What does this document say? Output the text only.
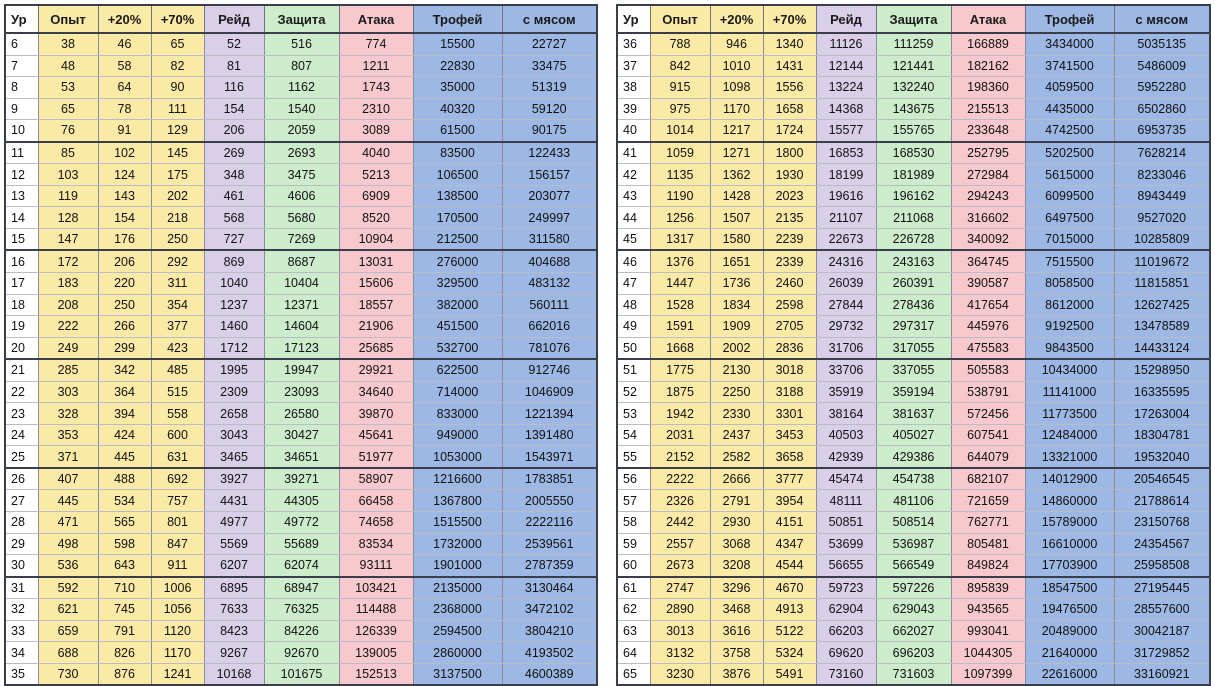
Ур	Опыт	+20%	+70%	Рейд	Защита	Атака	Трофей	с мясом
6	38	46	65	52	516	774	15500	22727
7	48	58	82	81	807	1211	22830	33475
8	53	64	90	116	1162	1743	35000	51319
9	65	78	111	154	1540	2310	40320	59120
10	76	91	129	206	2059	3089	61500	90175
11	85	102	145	269	2693	4040	83500	122433
12	103	124	175	348	3475	5213	106500	156157
13	119	143	202	461	4606	6909	138500	203077
14	128	154	218	568	5680	8520	170500	249997
15	147	176	250	727	7269	10904	212500	311580
16	172	206	292	869	8687	13031	276000	404688
17	183	220	311	1040	10404	15606	329500	483132
18	208	250	354	1237	12371	18557	382000	560111
19	222	266	377	1460	14604	21906	451500	662016
20	249	299	423	1712	17123	25685	532700	781076
21	285	342	485	1995	19947	29921	622500	912746
22	303	364	515	2309	23093	34640	714000	1046909
23	328	394	558	2658	26580	39870	833000	1221394
24	353	424	600	3043	30427	45641	949000	1391480
25	371	445	631	3465	34651	51977	1053000	1543971
26	407	488	692	3927	39271	58907	1216600	1783851
27	445	534	757	4431	44305	66458	1367800	2005550
28	471	565	801	4977	49772	74658	1515500	2222116
29	498	598	847	5569	55689	83534	1732000	2539561
30	536	643	911	6207	62074	93111	1901000	2787359
31	592	710	1006	6895	68947	103421	2135000	3130464
32	621	745	1056	7633	76325	114488	2368000	3472102
33	659	791	1120	8423	84226	126339	2594500	3804210
34	688	826	1170	9267	92670	139005	2860000	4193502
35	730	876	1241	10168	101675	152513	3137500	4600389
Ур	Опыт	+20%	+70%	Рейд	Защита	Атака	Трофей	с мясом
36	788	946	1340	11126	111259	166889	3434000	5035135
37	842	1010	1431	12144	121441	182162	3741500	5486009
38	915	1098	1556	13224	132240	198360	4059500	5952280
39	975	1170	1658	14368	143675	215513	4435000	6502860
40	1014	1217	1724	15577	155765	233648	4742500	6953735
41	1059	1271	1800	16853	168530	252795	5202500	7628214
42	1135	1362	1930	18199	181989	272984	5615000	8233046
43	1190	1428	2023	19616	196162	294243	6099500	8943449
44	1256	1507	2135	21107	211068	316602	6497500	9527020
45	1317	1580	2239	22673	226728	340092	7015000	10285809
46	1376	1651	2339	24316	243163	364745	7515500	11019672
47	1447	1736	2460	26039	260391	390587	8058500	11815851
48	1528	1834	2598	27844	278436	417654	8612000	12627425
49	1591	1909	2705	29732	297317	445976	9192500	13478589
50	1668	2002	2836	31706	317055	475583	9843500	14433124
51	1775	2130	3018	33706	337055	505583	10434000	15298950
52	1875	2250	3188	35919	359194	538791	11141000	16335595
53	1942	2330	3301	38164	381637	572456	11773500	17263004
54	2031	2437	3453	40503	405027	607541	12484000	18304781
55	2152	2582	3658	42939	429386	644079	13321000	19532040
56	2222	2666	3777	45474	454738	682107	14012900	20546545
57	2326	2791	3954	48111	481106	721659	14860000	21788614
58	2442	2930	4151	50851	508514	762771	15789000	23150768
59	2557	3068	4347	53699	536987	805481	16610000	24354567
60	2673	3208	4544	56655	566549	849824	17703900	25958508
61	2747	3296	4670	59723	597226	895839	18547500	27195445
62	2890	3468	4913	62904	629043	943565	19476500	28557600
63	3013	3616	5122	66203	662027	993041	20489000	30042187
64	3132	3758	5324	69620	696203	1044305	21640000	31729852
65	3230	3876	5491	73160	731603	1097399	22616000	33160921
